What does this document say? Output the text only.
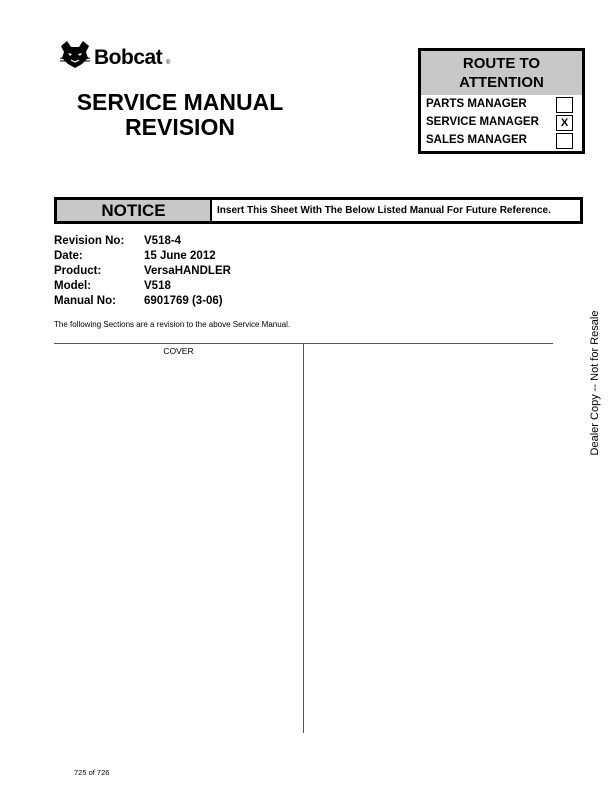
Bobcat ®
SERVICE MANUAL
REVISION
ROUTE TO
ATTENTION
PARTS MANAGER
SERVICE MANAGER	X
SALES MANAGER
NOTICE	Insert This Sheet With The Below Listed Manual For Future Reference.
Revision No:	V518-4
Date:	15 June 2012
Product:	VersaHANDLER
Model:	V518
Manual No:	6901769 (3-06)
The following Sections are a revision to the above Service Manual.
COVER	Dealer Copy -- Not for Resale
725 of 726
